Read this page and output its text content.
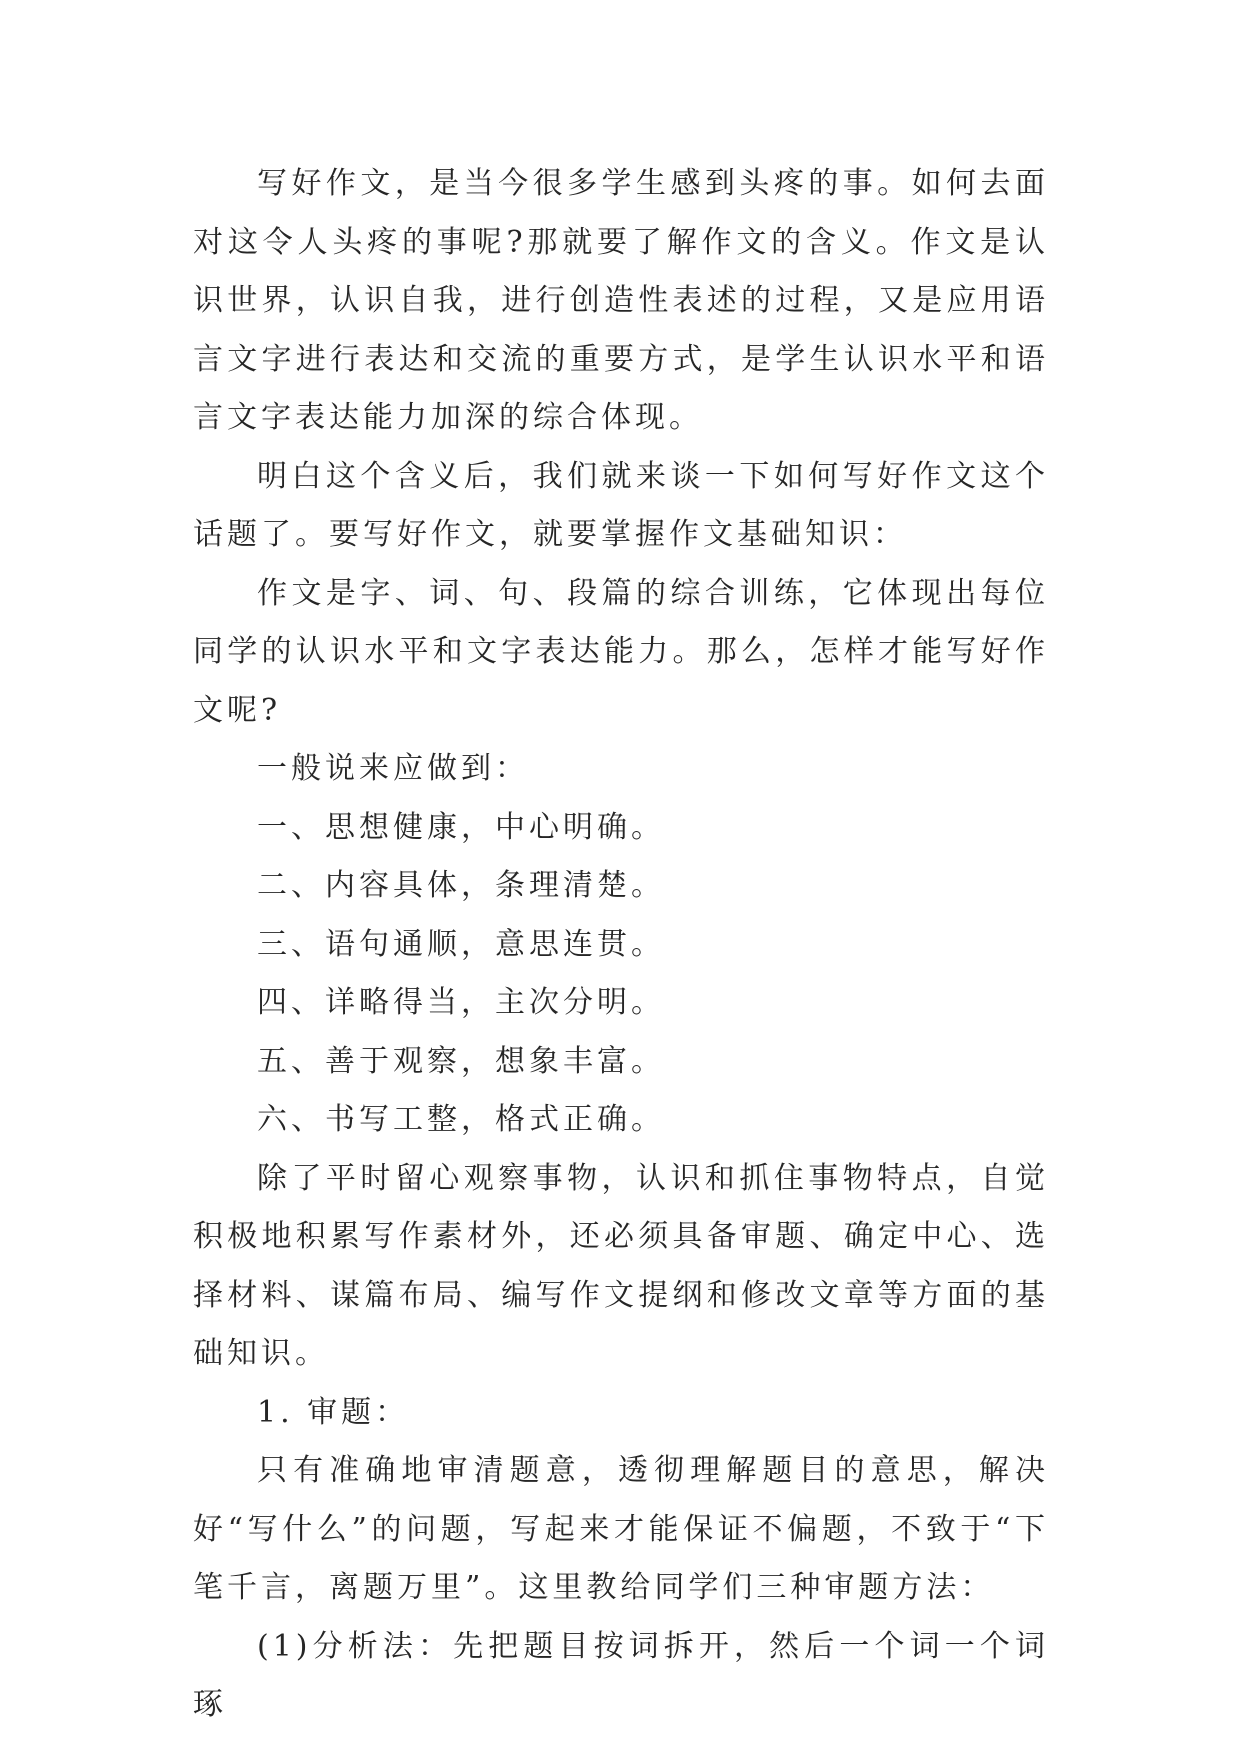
写好作文，是当今很多学生感到头疼的事。如何去面对这令人头疼的事呢?那就要了解作文的含义。作文是认识世界，认识自我，进行创造性表述的过程，又是应用语言文字进行表达和交流的重要方式，是学生认识水平和语言文字表达能力加深的综合体现。

明白这个含义后，我们就来谈一下如何写好作文这个话题了。要写好作文，就要掌握作文基础知识：

作文是字、词、句、段篇的综合训练，它体现出每位同学的认识水平和文字表达能力。那么，怎样才能写好作文呢?

一般说来应做到：

一、思想健康，中心明确。

二、内容具体，条理清楚。

三、语句通顺，意思连贯。

四、详略得当，主次分明。

五、善于观察，想象丰富。

六、书写工整，格式正确。

除了平时留心观察事物，认识和抓住事物特点，自觉积极地积累写作素材外，还必须具备审题、确定中心、选择材料、谋篇布局、编写作文提纲和修改文章等方面的基础知识。

1. 审题：

只有准确地审清题意，透彻理解题目的意思，解决好“写什么”的问题，写起来才能保证不偏题，不致于“下笔千言，离题万里”。这里教给同学们三种审题方法：

(1)分析法：先把题目按词拆开，然后一个词一个词琢
